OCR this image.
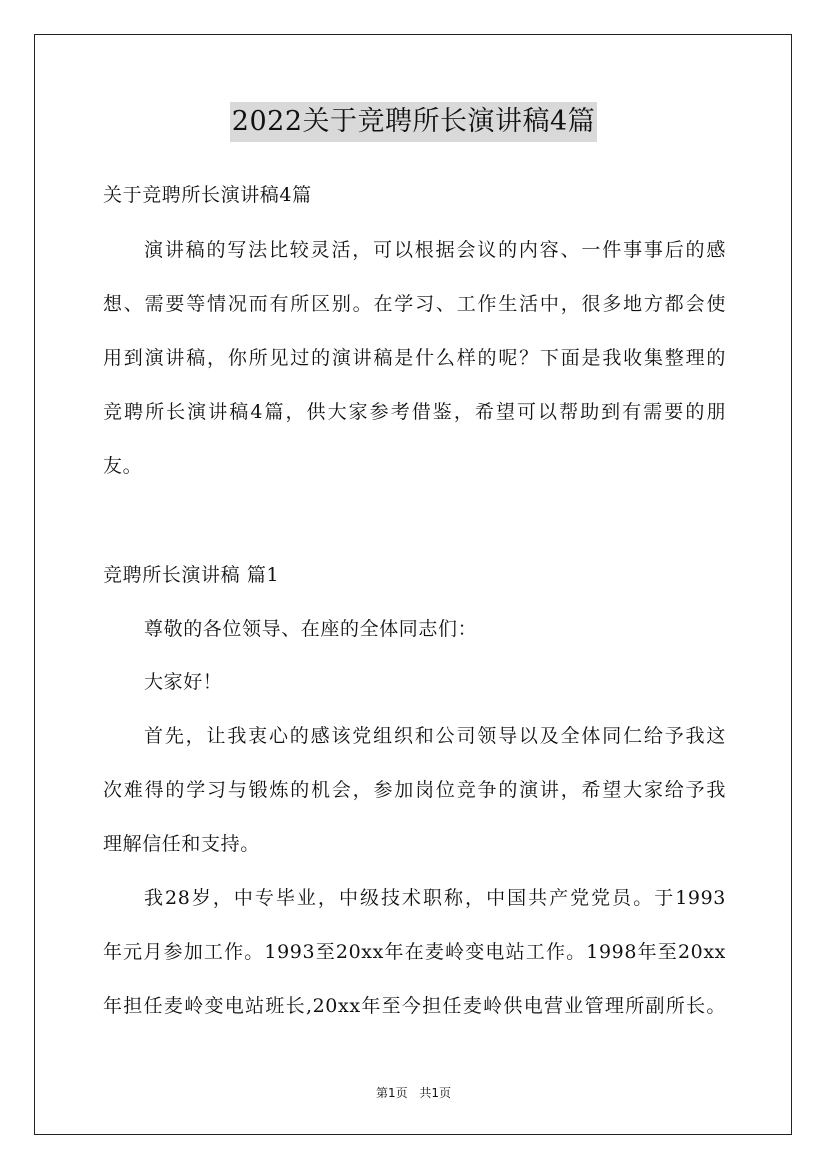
2022关于竞聘所长演讲稿4篇
关于竞聘所长演讲稿4篇
演讲稿的写法比较灵活，可以根据会议的内容、一件事事后的感
想、需要等情况而有所区别。在学习、工作生活中，很多地方都会使
用到演讲稿，你所见过的演讲稿是什么样的呢？下面是我收集整理的
竞聘所长演讲稿4篇，供大家参考借鉴，希望可以帮助到有需要的朋
友。
竞聘所长演讲稿 篇1
尊敬的各位领导、在座的全体同志们：
大家好！
首先，让我衷心的感该党组织和公司领导以及全体同仁给予我这
次难得的学习与锻炼的机会，参加岗位竞争的演讲，希望大家给予我
理解信任和支持。
我28岁，中专毕业，中级技术职称，中国共产党党员。于1993
年元月参加工作。1993至20xx年在麦岭变电站工作。1998年至20xx
年担任麦岭变电站班长,20xx年至今担任麦岭供电营业管理所副所长。
第1页 共1页
